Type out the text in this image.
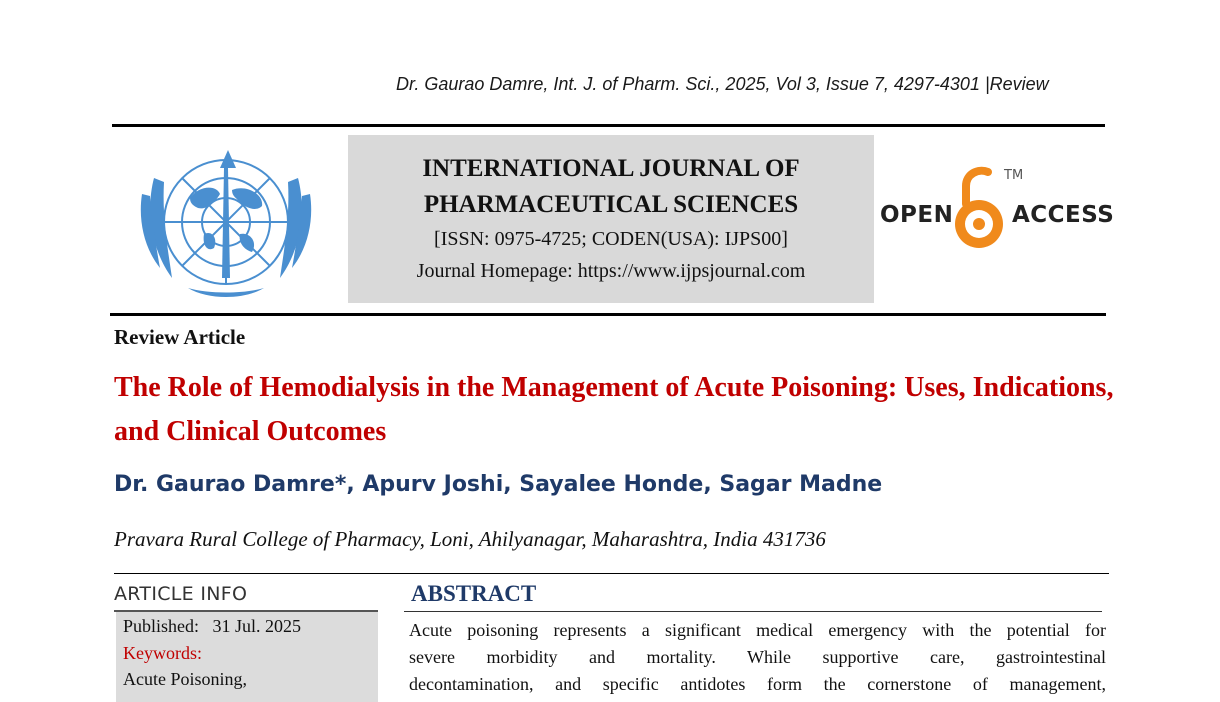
Dr. Gaurao Damre, Int. J. of Pharm. Sci., 2025, Vol 3, Issue 7, 4297-4301 |Review
INTERNATIONAL JOURNAL OF
PHARMACEUTICAL SCIENCES
[ISSN: 0975-4725; CODEN(USA): IJPS00]
Journal Homepage: https://www.ijpsjournal.com
OPEN
TM
ACCESS
Review Article
The Role of Hemodialysis in the Management of Acute Poisoning: Uses, Indications, and Clinical Outcomes
Dr. Gaurao Damre*, Apurv Joshi, Sayalee Honde, Sagar Madne
Pravara Rural College of Pharmacy, Loni, Ahilyanagar, Maharashtra, India 431736
ARTICLE INFO
Published: 31 Jul. 2025
Keywords:
Acute Poisoning,
ABSTRACT
Acute poisoning represents a significant medical emergency with the potential for
severe morbidity and mortality. While supportive care, gastrointestinal
decontamination, and specific antidotes form the cornerstone of management,
